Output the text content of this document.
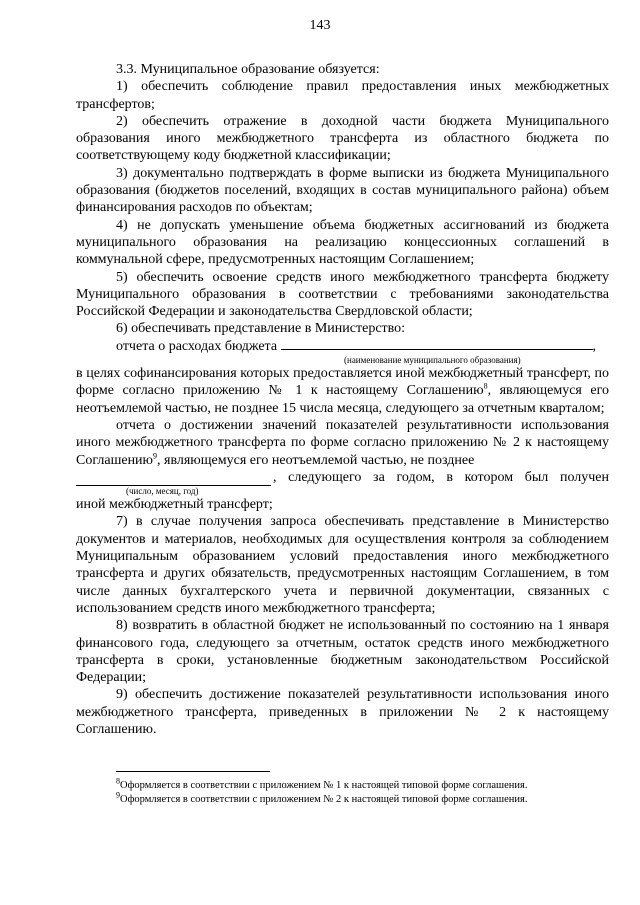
143

3.3. Муниципальное образование обязуется:

1) обеспечить соблюдение правил предоставления иных межбюджетных трансфертов;

2) обеспечить отражение в доходной части бюджета Муниципального образования иного межбюджетного трансферта из областного бюджета по соответствующему коду бюджетной классификации;

3) документально подтверждать в форме выписки из бюджета Муниципального образования (бюджетов поселений, входящих в состав муниципального района) объем финансирования расходов по объектам;

4) не допускать уменьшение объема бюджетных ассигнований из бюджета муниципального образования на реализацию концессионных соглашений в коммунальной сфере, предусмотренных настоящим Соглашением;

5) обеспечить освоение средств иного межбюджетного трансферта бюджету Муниципального образования в соответствии с требованиями законодательства Российской Федерации и законодательства Свердловской области;

6) обеспечивать представление в Министерство:

отчета о расходах бюджета	,
(наименование муниципального образования)

в целях софинансирования которых предоставляется иной межбюджетный трансферт, по форме согласно приложению № 1 к настоящему Соглашению$^8$, являющемуся его неотъемлемой частью, не позднее 15 числа месяца, следующего за отчетным кварталом;

отчета о достижении значений показателей результативности использования иного межбюджетного трансферта по форме согласно приложению № 2 к настоящему Соглашению$^9$, являющемуся его неотъемлемой частью, не позднее

, следующего за годом, в котором был получен
(число, месяц, год)

иной межбюджетный трансферт;

7) в случае получения запроса обеспечивать представление в Министерство документов и материалов, необходимых для осуществления контроля за соблюдением Муниципальным образованием условий предоставления иного межбюджетного трансферта и других обязательств, предусмотренных настоящим Соглашением, в том числе данных бухгалтерского учета и первичной документации, связанных с использованием средств иного межбюджетного трансферта;

8) возвратить в областной бюджет не использованный по состоянию на 1 января финансового года, следующего за отчетным, остаток средств иного межбюджетного трансферта в сроки, установленные бюджетным законодательством Российской Федерации;

9) обеспечить достижение показателей результативности использования иного межбюджетного трансферта, приведенных в приложении № 2 к настоящему Соглашению.

$^8$Оформляется в соответствии с приложением № 1 к настоящей типовой форме соглашения.

$^9$Оформляется в соответствии с приложением № 2 к настоящей типовой форме соглашения.
